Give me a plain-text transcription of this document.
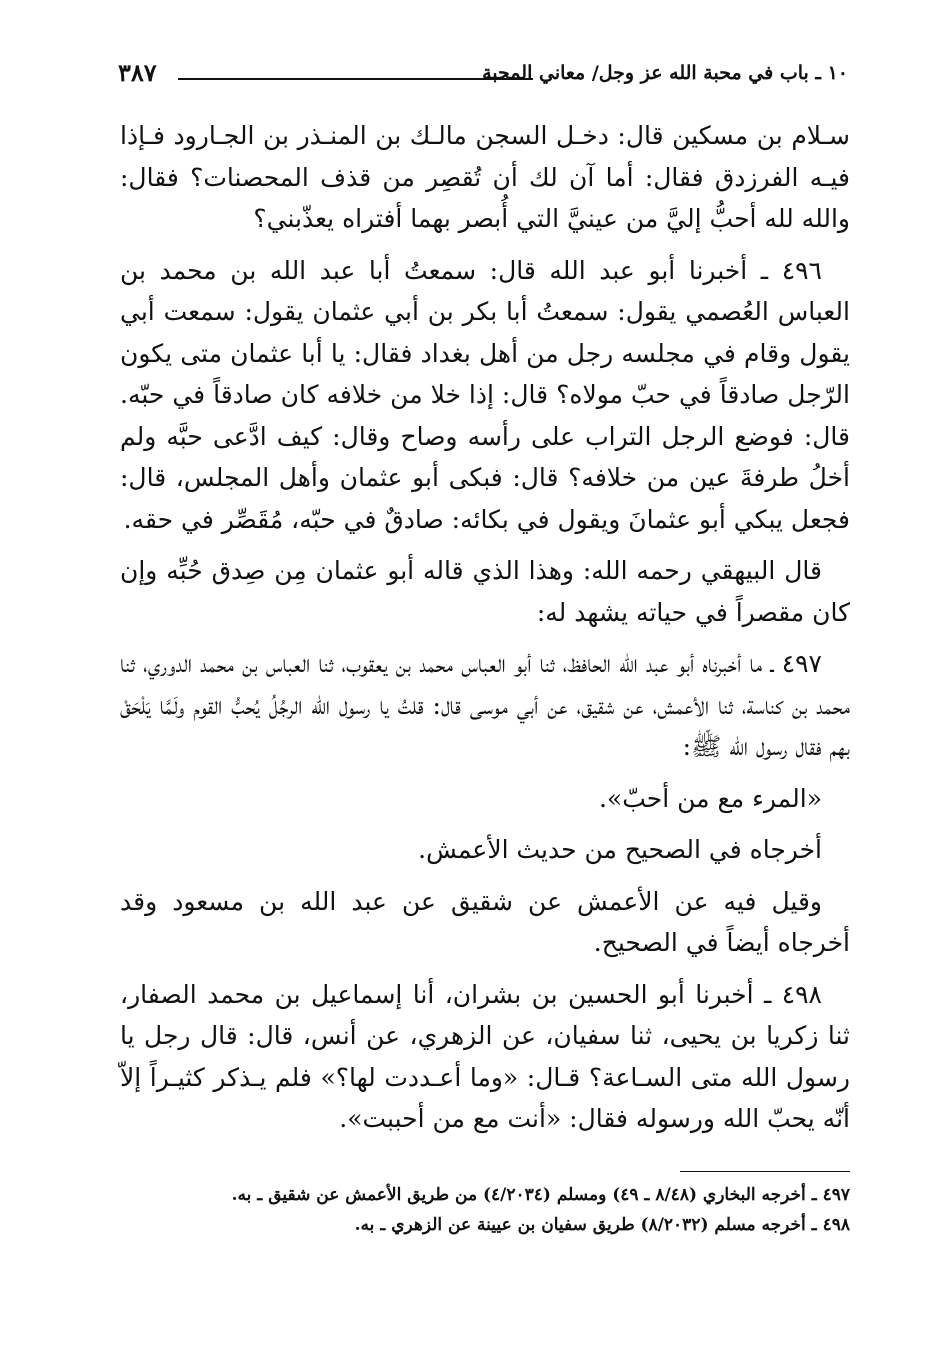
١٠ ـ باب في محبة الله عز وجل/ معاني المحبة
٣٨٧

سـلام بن مسكين قال: دخـل السجن مالـك بن المنـذر بن الجـارود فـإذا فيـه الفرزدق فقال: أما آن لك أن تُقصِر من قذف المحصنات؟ فقال: والله لله أحبُّ إليَّ من عينيَّ التي أُبصر بهما أفتراه يعذّبني؟

٤٩٦ ـ أخبرنا أبو عبد الله قال: سمعتُ أبا عبد الله بن محمد بن العباس العُصمي يقول: سمعتُ أبا بكر بن أبي عثمان يقول: سمعت أبي يقول وقام في مجلسه رجل من أهل بغداد فقال: يا أبا عثمان متى يكون الرّجل صادقاً في حبّ مولاه؟ قال: إذا خلا من خلافه كان صادقاً في حبّه. قال: فوضع الرجل التراب على رأسه وصاح وقال: كيف ادَّعى حبَّه ولم أخلُ طرفةَ عين من خلافه؟ قال: فبكى أبو عثمان وأهل المجلس، قال: فجعل يبكي أبو عثمانَ ويقول في بكائه: صادقٌ في حبّه، مُقَصِّر في حقه.

قال البيهقي رحمه الله: وهذا الذي قاله أبو عثمان مِن صِدق حُبِّه وإن كان مقصراً في حياته يشهد له:

٤٩٧ ـ ما أخبرناه أبو عبد الله الحافظ، ثنا أبو العباس محمد بن يعقوب، ثنا العباس بن محمد الدوري، ثنا محمد بن كناسة، ثنا الأعمش، عن شقيق، عن أبي موسى قال: قلتُ يا رسول الله الرجُلُ يُحبُّ القوم ولَمَّا يَلْحَقْ بهم فقال رسول الله ﷺ:

«المرء مع من أحبّ».

أخرجاه في الصحيح من حديث الأعمش.

وقيل فيه عن الأعمش عن شقيق عن عبد الله بن مسعود وقد أخرجاه أيضاً في الصحيح.

٤٩٨ ـ أخبرنا أبو الحسين بن بشران، أنا إسماعيل بن محمد الصفار، ثنا زكريا بن يحيى، ثنا سفيان، عن الزهري، عن أنس، قال: قال رجل يا رسول الله متى السـاعة؟ قـال: «وما أعـددت لها؟» فلم يـذكر كثيـراً إلاّ أنّه يحبّ الله ورسوله فقال: «أنت مع من أحببت».

٤٩٧ ـ أخرجه البخاري (٨/٤٨ ـ ٤٩) ومسلم (٤/٢٠٣٤) من طريق الأعمش عن شقيق ـ به.

٤٩٨ ـ أخرجه مسلم (٨/٢٠٣٢) طريق سفيان بن عيينة عن الزهري ـ به.
